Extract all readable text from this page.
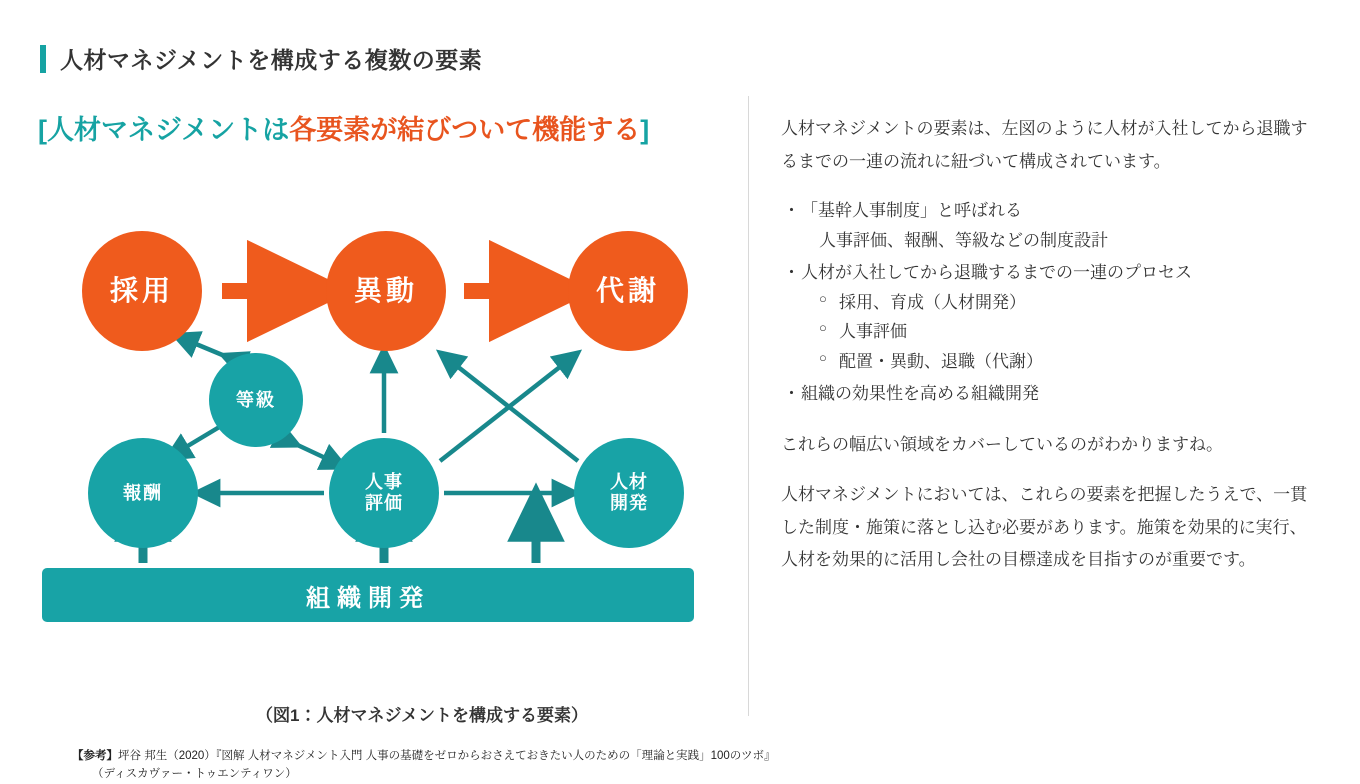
人材マネジメントを構成する複数の要素
[人材マネジメントは各要素が結びついて機能する]
採用	異動	代謝
等級
報酬
人事
評価
人材
開発
組織開発
（図1：人材マネジメントを構成する要素）
【参考】坪谷 邦生（2020）『図解 人材マネジメント入門 人事の基礎をゼロからおさえておきたい人のための「理論と実践」100のツボ』
（ディスカヴァー・トゥエンティワン）

人材マネジメントの要素は、左図のように人材が入社してから退職するまでの一連の流れに紐づいて構成されています。

・ 「基幹人事制度」と呼ばれる
人事評価、報酬、等級などの制度設計
・ 人材が入社してから退職するまでの一連のプロセス
○ 採用、育成（人材開発）
○ 人事評価
○ 配置・異動、退職（代謝）
・ 組織の効果性を高める組織開発

これらの幅広い領域をカバーしているのがわかりますね。

人材マネジメントにおいては、これらの要素を把握したうえで、一貫した制度・施策に落とし込む必要があります。施策を効果的に実行、人材を効果的に活用し会社の目標達成を目指すのが重要です。
